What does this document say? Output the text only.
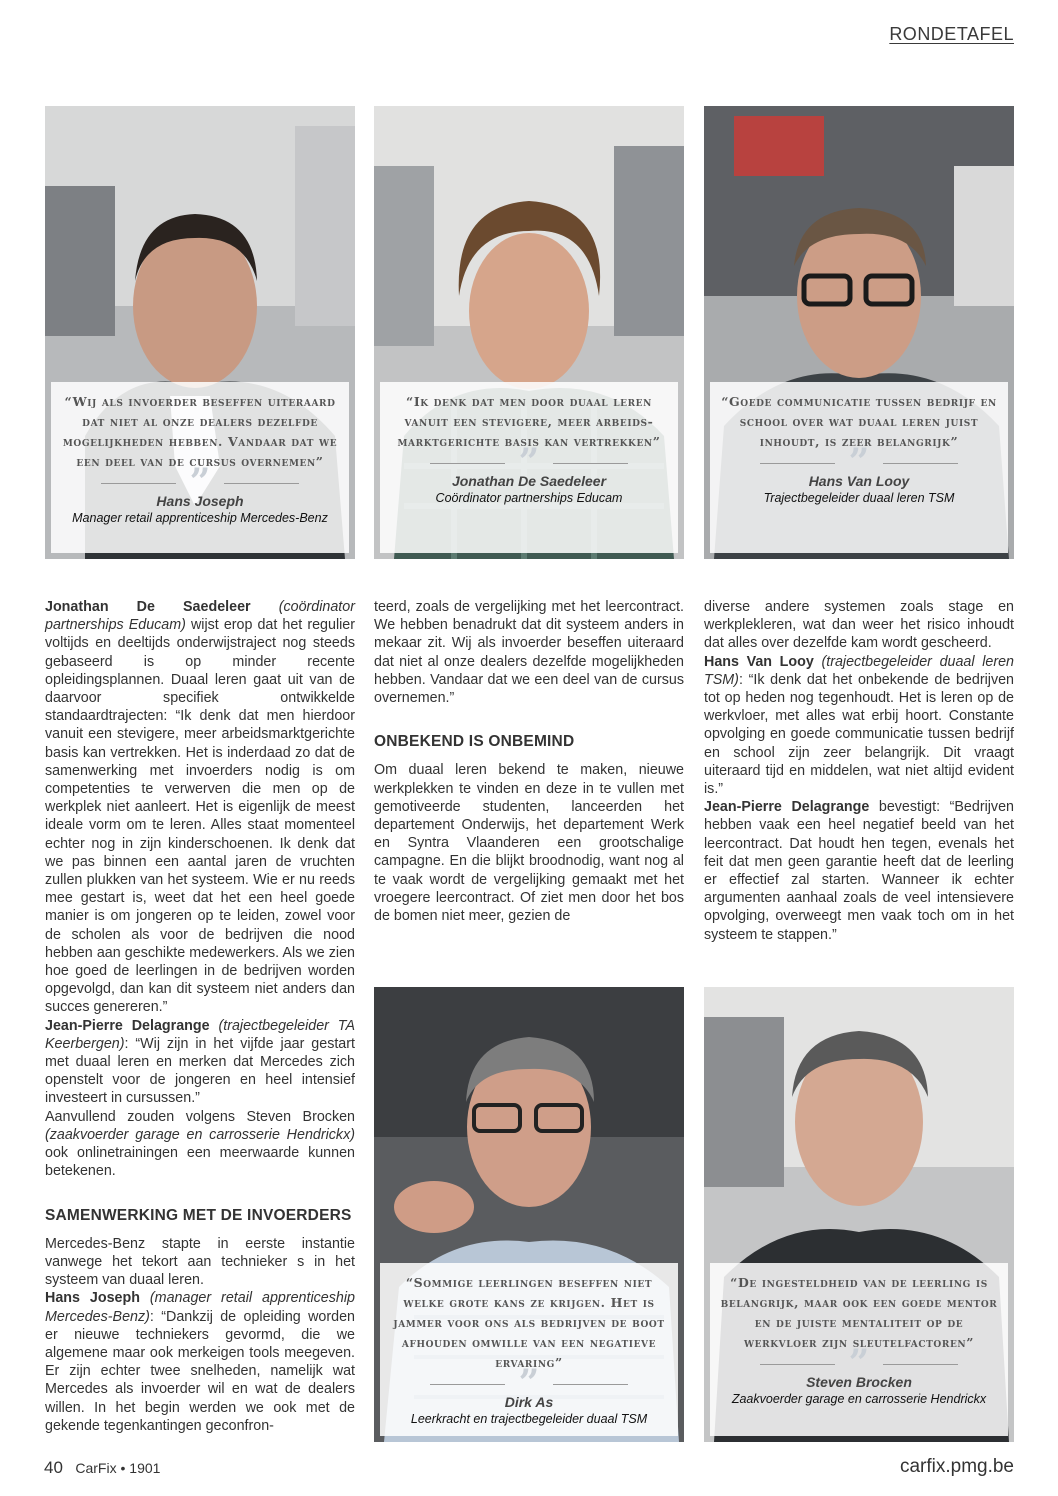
RONDETAFEL
“Wij als invoerder beseffen uiteraard dat niet al onze dealers dezelfde mogelijkheden hebben. Vandaar dat we een deel van de cursus overnemen”
”
Hans Joseph
Manager retail apprenticeship Mercedes-Benz
“Ik denk dat men door duaal leren vanuit een stevigere, meer arbeids-marktgerichte basis kan vertrekken”
”
Jonathan De Saedeleer
Coördinator partnerships Educam
“Goede communicatie tussen bedrijf en school over wat duaal leren juist inhoudt, is zeer belangrijk”
”
Hans Van Looy
Trajectbegeleider duaal leren TSM

Jonathan De Saedeleer (coördinator partnerships Educam) wijst erop dat het regulier voltijds en deeltijds onderwijstraject nog steeds gebaseerd is op minder recente opleidingsplannen. Duaal leren gaat uit van de daarvoor specifiek ontwikkelde standaardtrajecten: “Ik denk dat men hierdoor vanuit een stevigere, meer arbeidsmarktgerichte basis kan vertrekken. Het is inderdaad zo dat de samenwerking met invoerders nodig is om competenties te verwerven die men op de werkplek niet aanleert. Het is eigenlijk de meest ideale vorm om te leren. Alles staat momenteel echter nog in zijn kinderschoenen. Ik denk dat we pas binnen een aantal jaren de vruchten zullen plukken van het systeem. Wie er nu reeds mee gestart is, weet dat het een heel goede manier is om jongeren op te leiden, zowel voor de scholen als voor de bedrijven die nood hebben aan geschikte medewerkers. Als we zien hoe goed de leerlingen in de bedrijven worden opgevolgd, dan kan dit systeem niet anders dan succes genereren.”

Jean-Pierre Delagrange (trajectbegeleider TA Keerbergen): “Wij zijn in het vijfde jaar gestart met duaal leren en merken dat Mercedes zich openstelt voor de jongeren en heel intensief investeert in cursussen.”

Aanvullend zouden volgens Steven Brocken (zaakvoerder garage en carrosserie Hendrickx) ook onlinetrainingen een meerwaarde kunnen betekenen.

SAMENWERKING MET DE INVOERDERS

Mercedes-Benz stapte in eerste instantie vanwege het tekort aan technieker s in het systeem van duaal leren.

Hans Joseph (manager retail apprenticeship Mercedes-Benz): “Dankzij de opleiding worden er nieuwe techniekers gevormd, die we algemene maar ook merkeigen tools meegeven. Er zijn echter twee snelheden, namelijk wat Mercedes als invoerder wil en wat de dealers willen. In het begin werden we ook met de gekende tegenkantingen geconfron-

teerd, zoals de vergelijking met het leercontract. We hebben benadrukt dat dit systeem anders in mekaar zit. Wij als invoerder beseffen uiteraard dat niet al onze dealers dezelfde mogelijkheden hebben. Vandaar dat we een deel van de cursus overnemen.”

ONBEKEND IS ONBEMIND

Om duaal leren bekend te maken, nieuwe werkplekken te vinden en deze in te vullen met gemotiveerde studenten, lanceerden het departement Onderwijs, het departement Werk en Syntra Vlaanderen een grootschalige campagne. En die blijkt broodnodig, want nog al te vaak wordt de vergelijking gemaakt met het vroegere leercontract. Of ziet men door het bos de bomen niet meer, gezien de

diverse andere systemen zoals stage en werkplekleren, wat dan weer het risico inhoudt dat alles over dezelfde kam wordt gescheerd.

Hans Van Looy (trajectbegeleider duaal leren TSM): “Ik denk dat het onbekende de bedrijven tot op heden nog tegenhoudt. Het is leren op de werkvloer, met alles wat erbij hoort. Constante opvolging en goede communicatie tussen bedrijf en school zijn zeer belangrijk. Dit vraagt uiteraard tijd en middelen, wat niet altijd evident is.”

Jean-Pierre Delagrange bevestigt: “Bedrijven hebben vaak een heel negatief beeld van het leercontract. Dat houdt hen tegen, evenals het feit dat men geen garantie heeft dat de leerling er effectief zal starten. Wanneer ik echter argumenten aanhaal zoals de veel intensievere opvolging, overweegt men vaak toch om in het systeem te stappen.”

“Sommige leerlingen beseffen niet welke grote kans ze krijgen. Het is jammer voor ons als bedrijven de boot afhouden omwille van een negatieve ervaring”
”
Dirk As
Leerkracht en trajectbegeleider duaal TSM
“De ingesteldheid van de leerling is belangrijk, maar ook een goede mentor en de juiste mentaliteit op de werkvloer zijn sleutelfactoren”
”
Steven Brocken
Zaakvoerder garage en carrosserie Hendrickx
40 CarFix • 1901	carfix.pmg.be
